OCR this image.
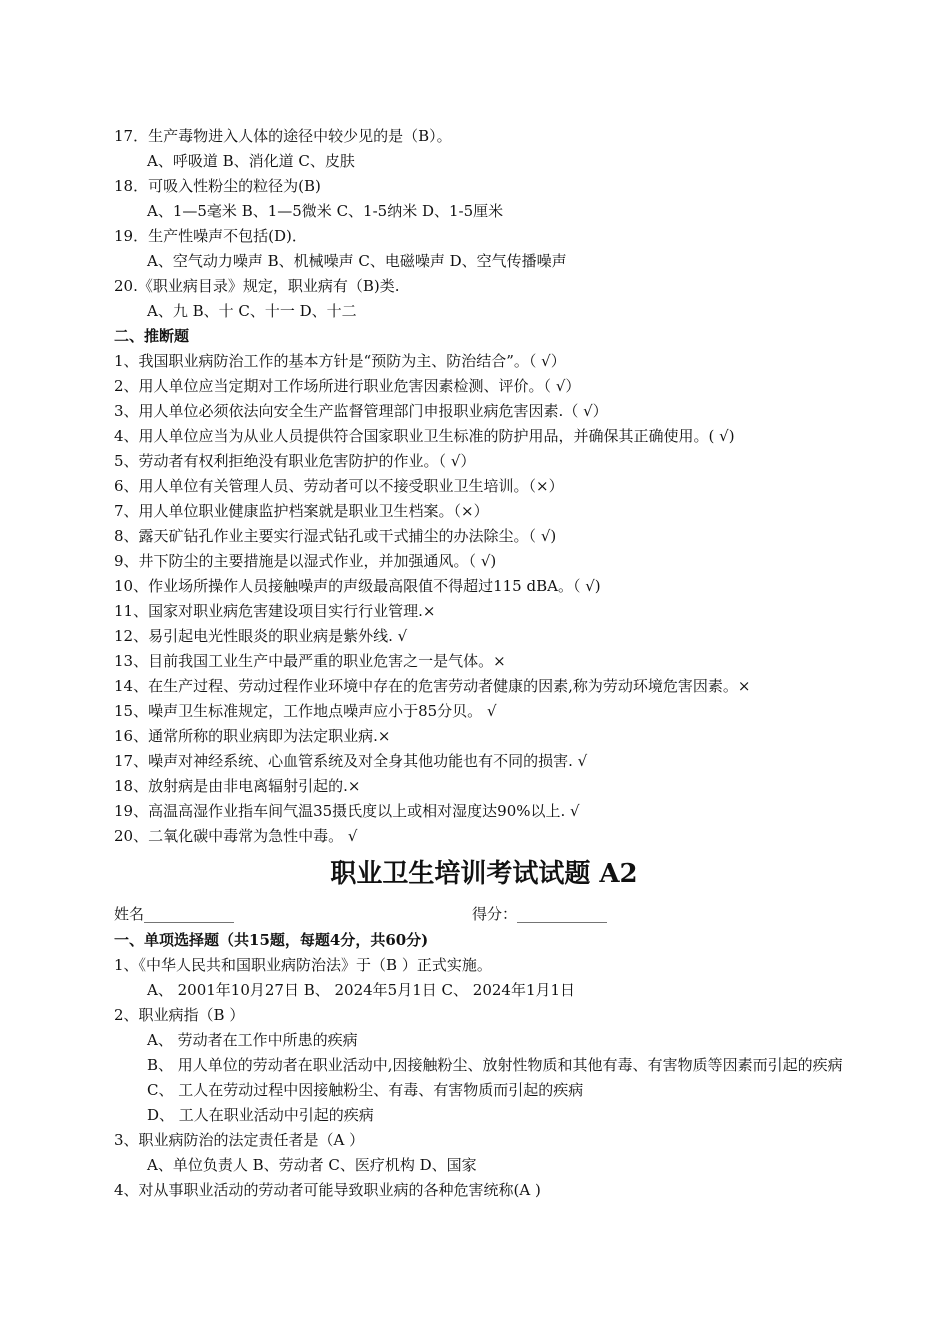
17．生产毒物进入人体的途径中较少见的是（B）。
A、呼吸道 B、消化道 C、皮肤
18．可吸入性粉尘的粒径为(B)
A、1—5毫米 B、1—5微米 C、1-5纳米 D、1-5厘米
19．生产性噪声不包括(D)．
A、空气动力噪声 B、机械噪声 C、电磁噪声 D、空气传播噪声
20.《职业病目录》规定，职业病有（B)类.
A、九 B、十 C、十一 D、十二
二、推断题
1、我国职业病防治工作的基本方针是“预防为主、防治结合”。（ √）
2、用人单位应当定期对工作场所进行职业危害因素检测、评价。（ √）
3、用人单位必须依法向安全生产监督管理部门申报职业病危害因素.（ √）
4、用人单位应当为从业人员提供符合国家职业卫生标准的防护用品，并确保其正确使用。( √)
5、劳动者有权利拒绝没有职业危害防护的作业。（ √）
6、用人单位有关管理人员、劳动者可以不接受职业卫生培训。（×）
7、用人单位职业健康监护档案就是职业卫生档案。（×）
8、露天矿钻孔作业主要实行湿式钻孔或干式捕尘的办法除尘。（ √)
9、井下防尘的主要措施是以湿式作业，并加强通风。（ √)
10、作业场所操作人员接触噪声的声级最高限值不得超过115 dBA。（ √)
11、国家对职业病危害建设项目实行行业管理.×
12、易引起电光性眼炎的职业病是紫外线. √
13、目前我国工业生产中最严重的职业危害之一是气体。×
14、在生产过程、劳动过程作业环境中存在的危害劳动者健康的因素,称为劳动环境危害因素。×
15、噪声卫生标准规定，工作地点噪声应小于85分贝。 √
16、通常所称的职业病即为法定职业病.×
17、噪声对神经系统、心血管系统及对全身其他功能也有不同的损害. √
18、放射病是由非电离辐射引起的.×
19、高温高湿作业指车间气温35摄氏度以上或相对湿度达90%以上. √
20、二氧化碳中毒常为急性中毒。 √
职业卫生培训考试试题 A2
姓名____________	得分：____________
一、单项选择题（共15题，每题4分，共60分)
1、《中华人民共和国职业病防治法》于（B ）正式实施。
A、 2001年10月27日 B、 2024年5月1日 C、 2024年1月1日
2、职业病指（B ）
A、 劳动者在工作中所患的疾病
B、 用人单位的劳动者在职业活动中,因接触粉尘、放射性物质和其他有毒、有害物质等因素而引起的疾病
C、 工人在劳动过程中因接触粉尘、有毒、有害物质而引起的疾病
D、 工人在职业活动中引起的疾病
3、职业病防治的法定责任者是（A ）
A、单位负责人 B、劳动者 C、医疗机构 D、国家
4、对从事职业活动的劳动者可能导致职业病的各种危害统称(A )
